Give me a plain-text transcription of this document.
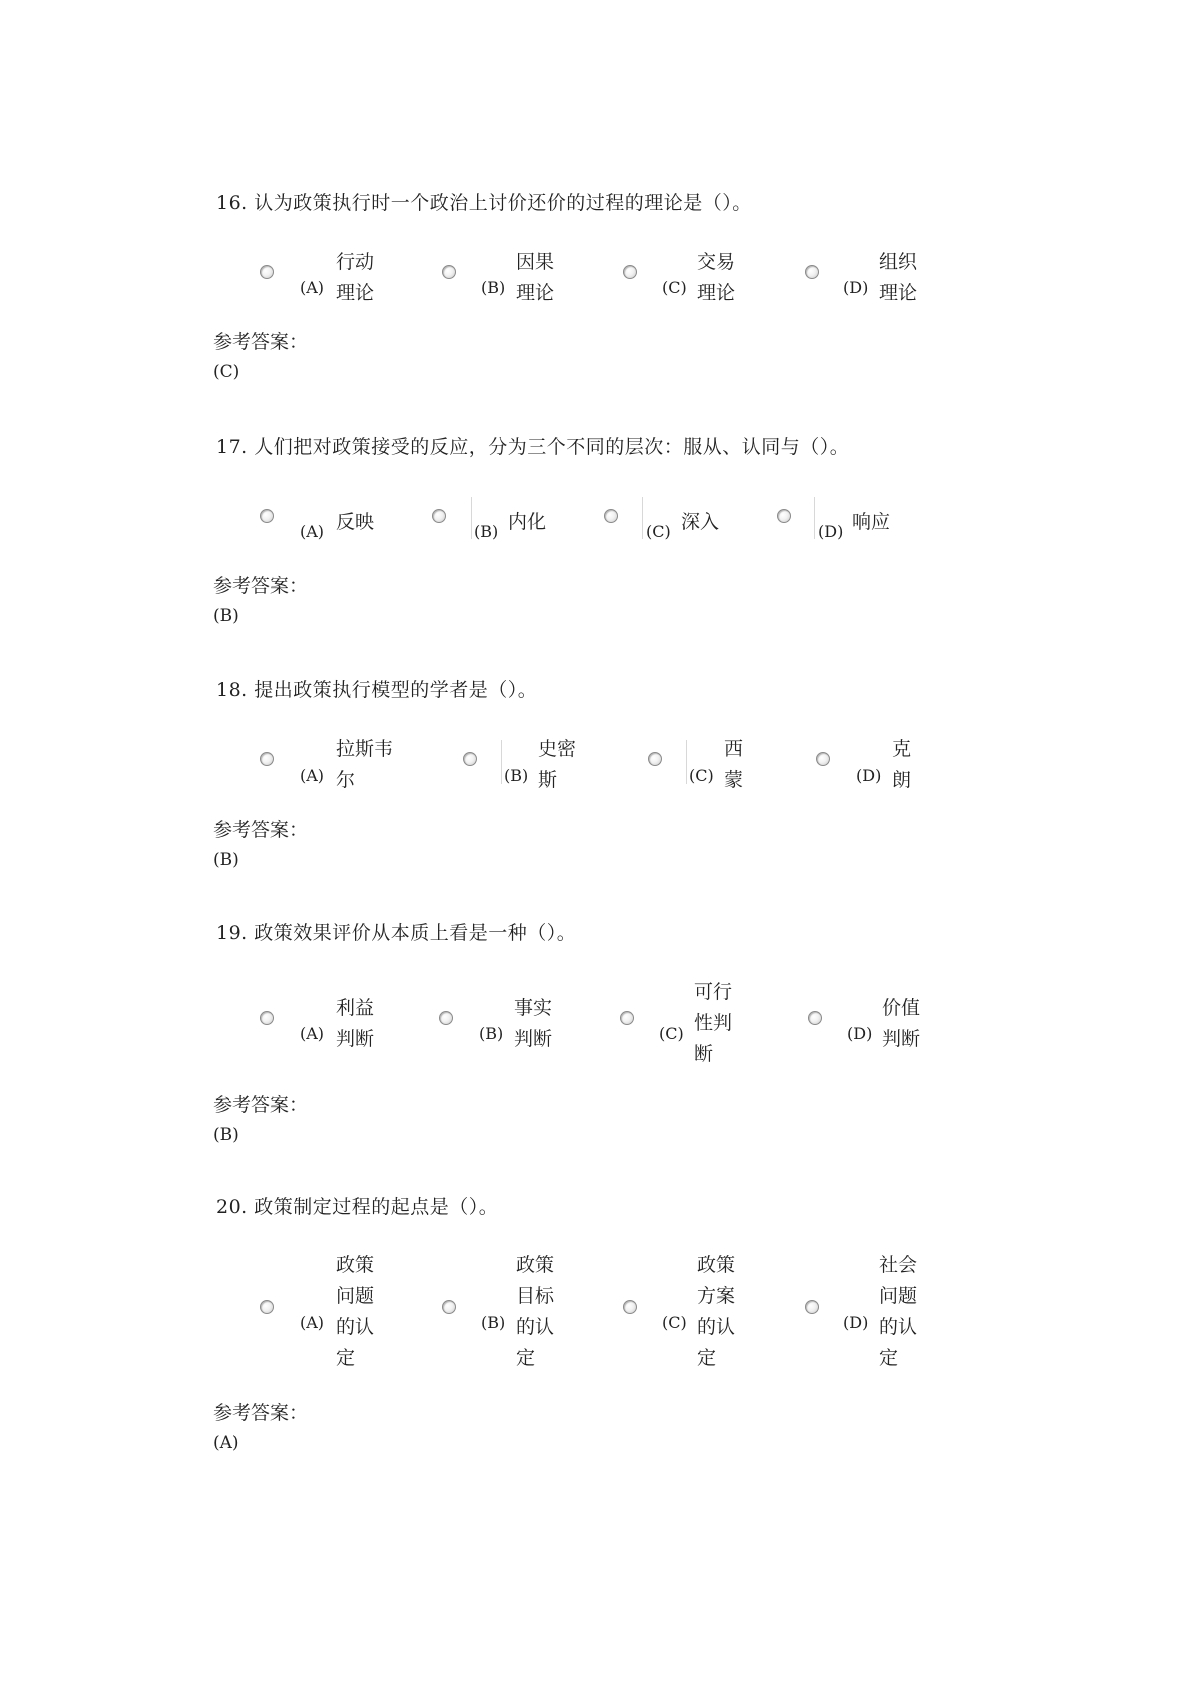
16. 认为政策执行时一个政治上讨价还价的过程的理论是（）。
(A)
行动
理论	(B)
因果
理论	(C)
交易
理论	(D)
组织
理论
参考答案：
(C)
17. 人们把对政策接受的反应，分为三个不同的层次：服从、认同与（）。
(A) 反映	(B) 内化	(C) 深入	(D) 响应
参考答案：
(B)
18. 提出政策执行模型的学者是（）。
(A)
拉斯韦
尔	(B)
史密
斯	(C)
西
蒙	(D)
克
朗
参考答案：
(B)
19. 政策效果评价从本质上看是一种（）。
(A)
利益
判断	(B)
事实
判断	(C)
可行
性判
断
(D)
价值
判断
参考答案：
(B)
20. 政策制定过程的起点是（）。
(A)
政策
问题
的认
定
(B)
政策
目标
的认
定
(C)
政策
方案
的认
定
(D)
社会
问题
的认
定
参考答案：
(A)
